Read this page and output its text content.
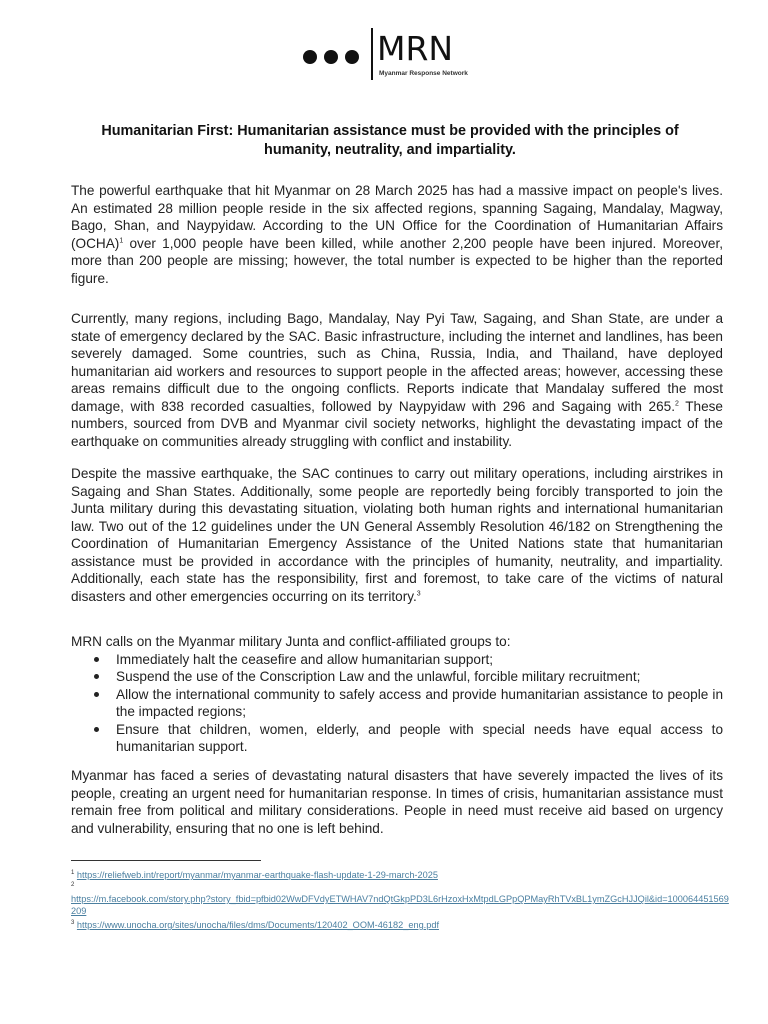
MRN
Myanmar Response Network
Humanitarian First: Humanitarian assistance must be provided with the principles of humanity, neutrality, and impartiality.
The powerful earthquake that hit Myanmar on 28 March 2025 has had a massive impact on people's lives. An estimated 28 million people reside in the six affected regions, spanning Sagaing, Mandalay, Magway, Bago, Shan, and Naypyidaw. According to the UN Office for the Coordination of Humanitarian Affairs (OCHA)$^1$ over 1,000 people have been killed, while another 2,200 people have been injured. Moreover, more than 200 people are missing; however, the total number is expected to be higher than the reported figure.
Currently, many regions, including Bago, Mandalay, Nay Pyi Taw, Sagaing, and Shan State, are under a state of emergency declared by the SAC. Basic infrastructure, including the internet and landlines, has been severely damaged. Some countries, such as China, Russia, India, and Thailand, have deployed humanitarian aid workers and resources to support people in the affected areas; however, accessing these areas remains difficult due to the ongoing conflicts. Reports indicate that Mandalay suffered the most damage, with 838 recorded casualties, followed by Naypyidaw with 296 and Sagaing with 265.$^2$ These numbers, sourced from DVB and Myanmar civil society networks, highlight the devastating impact of the earthquake on communities already struggling with conflict and instability.
Despite the massive earthquake, the SAC continues to carry out military operations, including airstrikes in Sagaing and Shan States. Additionally, some people are reportedly being forcibly transported to join the Junta military during this devastating situation, violating both human rights and international humanitarian law. Two out of the 12 guidelines under the UN General Assembly Resolution 46/182 on Strengthening the Coordination of Humanitarian Emergency Assistance of the United Nations state that humanitarian assistance must be provided in accordance with the principles of humanity, neutrality, and impartiality. Additionally, each state has the responsibility, first and foremost, to take care of the victims of natural disasters and other emergencies occurring on its territory.$^3$
MRN calls on the Myanmar military Junta and conflict-affiliated groups to:
Immediately halt the ceasefire and allow humanitarian support;
Suspend the use of the Conscription Law and the unlawful, forcible military recruitment;
Allow the international community to safely access and provide humanitarian assistance to people in the impacted regions;
Ensure that children, women, elderly, and people with special needs have equal access to humanitarian support.
Myanmar has faced a series of devastating natural disasters that have severely impacted the lives of its people, creating an urgent need for humanitarian response. In times of crisis, humanitarian assistance must remain free from political and military considerations. People in need must receive aid based on urgency and vulnerability, ensuring that no one is left behind.
$^1$ https://reliefweb.int/report/myanmar/myanmar-earthquake-flash-update-1-29-march-2025
$^2$
https://m.facebook.com/story.php?story_fbid=pfbid02WwDFVdyETWHAV7ndQtGkpPD3L6rHzoxHxMtpdLGPpQPMayRhTVxBL1ymZGcHJJQil&id=100064451569209
$^3$ https://www.unocha.org/sites/unocha/files/dms/Documents/120402_OOM-46182_eng.pdf
